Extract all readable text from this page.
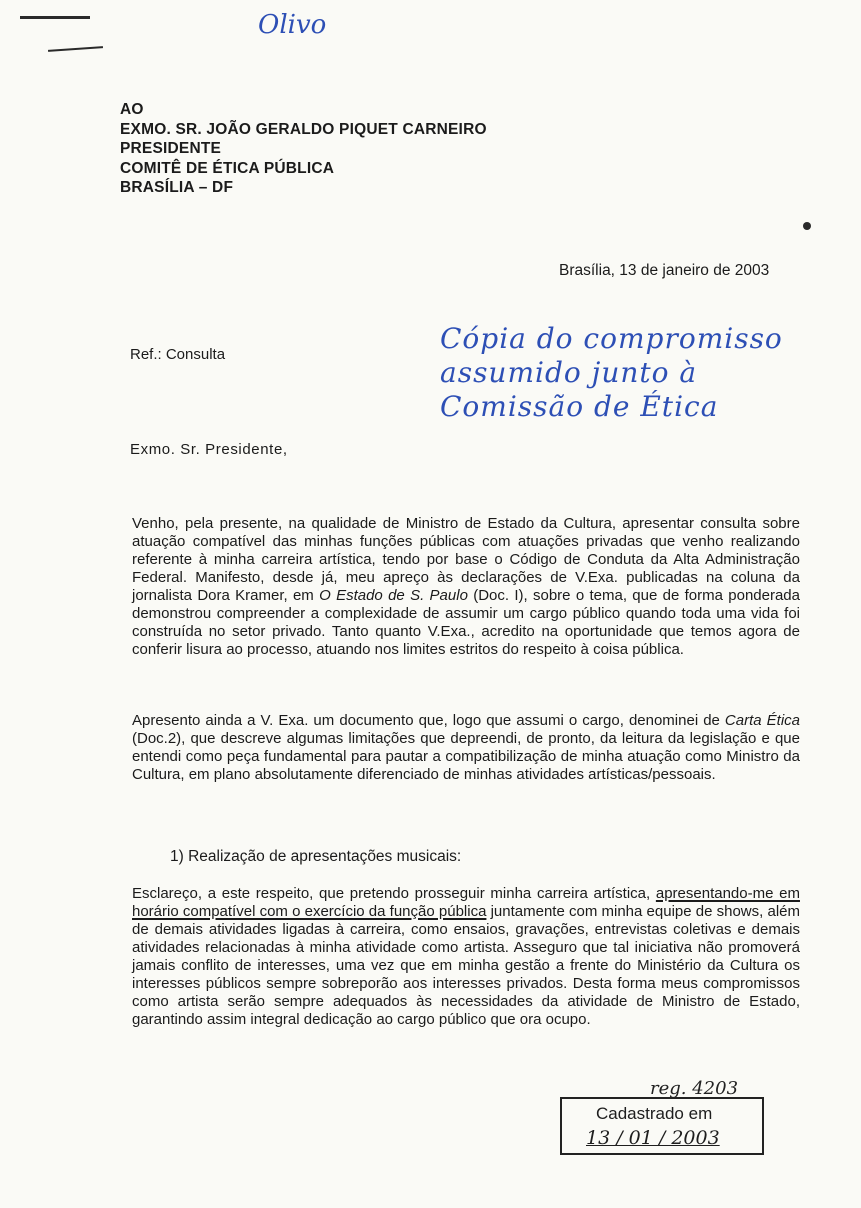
Olivo
AO
EXMO. SR. JOÃO GERALDO PIQUET CARNEIRO
PRESIDENTE
COMITÊ DE ÉTICA PÚBLICA
BRASÍLIA – DF
Brasília, 13 de janeiro de 2003
Ref.: Consulta	Cópia do compromisso
assumido junto à
Comissão de Ética
Exmo. Sr. Presidente,

Venho, pela presente, na qualidade de Ministro de Estado da Cultura, apresentar consulta sobre atuação compatível das minhas funções públicas com atuações privadas que venho realizando referente à minha carreira artística, tendo por base o Código de Conduta da Alta Administração Federal. Manifesto, desde já, meu apreço às declarações de V.Exa. publicadas na coluna da jornalista Dora Kramer, em O Estado de S. Paulo (Doc. I), sobre o tema, que de forma ponderada demonstrou compreender a complexidade de assumir um cargo público quando toda uma vida foi construída no setor privado. Tanto quanto V.Exa., acredito na oportunidade que temos agora de conferir lisura ao processo, atuando nos limites estritos do respeito à coisa pública.

Apresento ainda a V. Exa. um documento que, logo que assumi o cargo, denominei de Carta Ética (Doc.2), que descreve algumas limitações que depreendi, de pronto, da leitura da legislação e que entendi como peça fundamental para pautar a compatibilização de minha atuação como Ministro da Cultura, em plano absolutamente diferenciado de minhas atividades artísticas/pessoais.

1) Realização de apresentações musicais:

Esclareço, a este respeito, que pretendo prosseguir minha carreira artística, apresentando-me em horário compatível com o exercício da função pública juntamente com minha equipe de shows, além de demais atividades ligadas à carreira, como ensaios, gravações, entrevistas coletivas e demais atividades relacionadas à minha atividade como artista. Asseguro que tal iniciativa não promoverá jamais conflito de interesses, uma vez que em minha gestão a frente do Ministério da Cultura os interesses públicos sempre sobreporão aos interesses privados. Desta forma meus compromissos como artista serão sempre adequados às necessidades da atividade de Ministro de Estado, garantindo assim integral dedicação ao cargo público que ora ocupo.

reg. 4203
Cadastrado em
13 / 01 / 2003
